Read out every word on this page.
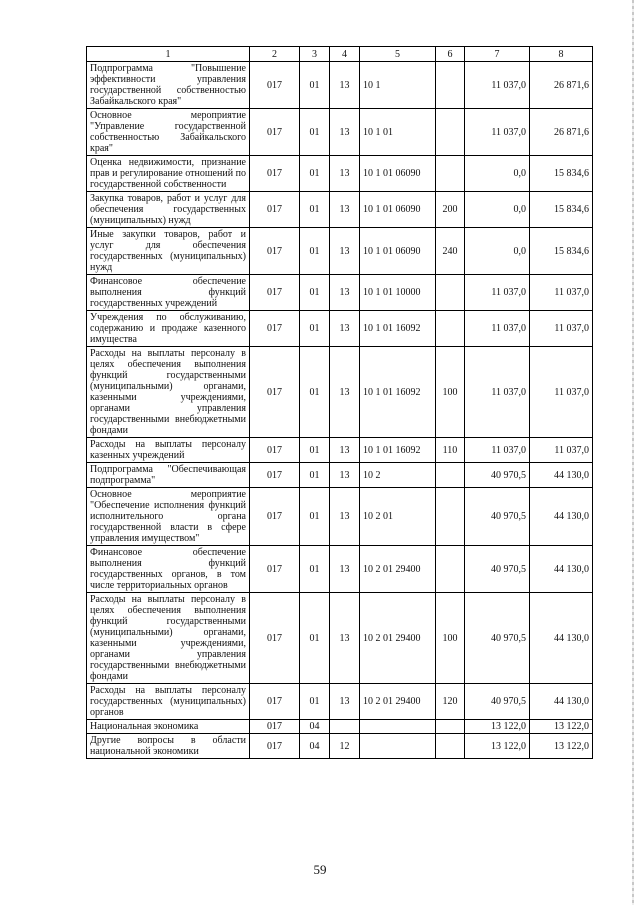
1	2	3	4	5	6	7	8
Подпрограмма "Повышение эффективности управления государственной собственностью Забайкальского края"	017	01	13	10 1		11 037,0	26 871,6
Основное мероприятие "Управление государственной собственностью Забайкальского края"	017	01	13	10 1 01		11 037,0	26 871,6
Оценка недвижимости, признание прав и регулирование отношений по государственной собственности	017	01	13	10 1 01 06090		0,0	15 834,6
Закупка товаров, работ и услуг для обеспечения государственных (муниципальных) нужд	017	01	13	10 1 01 06090	200	0,0	15 834,6
Иные закупки товаров, работ и услуг для обеспечения государственных (муниципальных) нужд	017	01	13	10 1 01 06090	240	0,0	15 834,6
Финансовое обеспечение выполнения функций государственных учреждений	017	01	13	10 1 01 10000		11 037,0	11 037,0
Учреждения по обслуживанию, содержанию и продаже казенного имущества	017	01	13	10 1 01 16092		11 037,0	11 037,0
Расходы на выплаты персоналу в целях обеспечения выполнения функций государственными (муниципальными) органами, казенными учреждениями, органами управления государственными внебюджетными фондами	017	01	13	10 1 01 16092	100	11 037,0	11 037,0
Расходы на выплаты персоналу казенных учреждений	017	01	13	10 1 01 16092	110	11 037,0	11 037,0
Подпрограмма "Обеспечивающая подпрограмма"	017	01	13	10 2		40 970,5	44 130,0
Основное мероприятие "Обеспечение исполнения функций исполнительного органа государственной власти в сфере управления имуществом"	017	01	13	10 2 01		40 970,5	44 130,0
Финансовое обеспечение выполнения функций государственных органов, в том числе территориальных органов	017	01	13	10 2 01 29400		40 970,5	44 130,0
Расходы на выплаты персоналу в целях обеспечения выполнения функций государственными (муниципальными) органами, казенными учреждениями, органами управления государственными внебюджетными фондами	017	01	13	10 2 01 29400	100	40 970,5	44 130,0
Расходы на выплаты персоналу государственных (муниципальных) органов	017	01	13	10 2 01 29400	120	40 970,5	44 130,0
Национальная экономика	017	04				13 122,0	13 122,0
Другие вопросы в области национальной экономики	017	04	12			13 122,0	13 122,0
59
